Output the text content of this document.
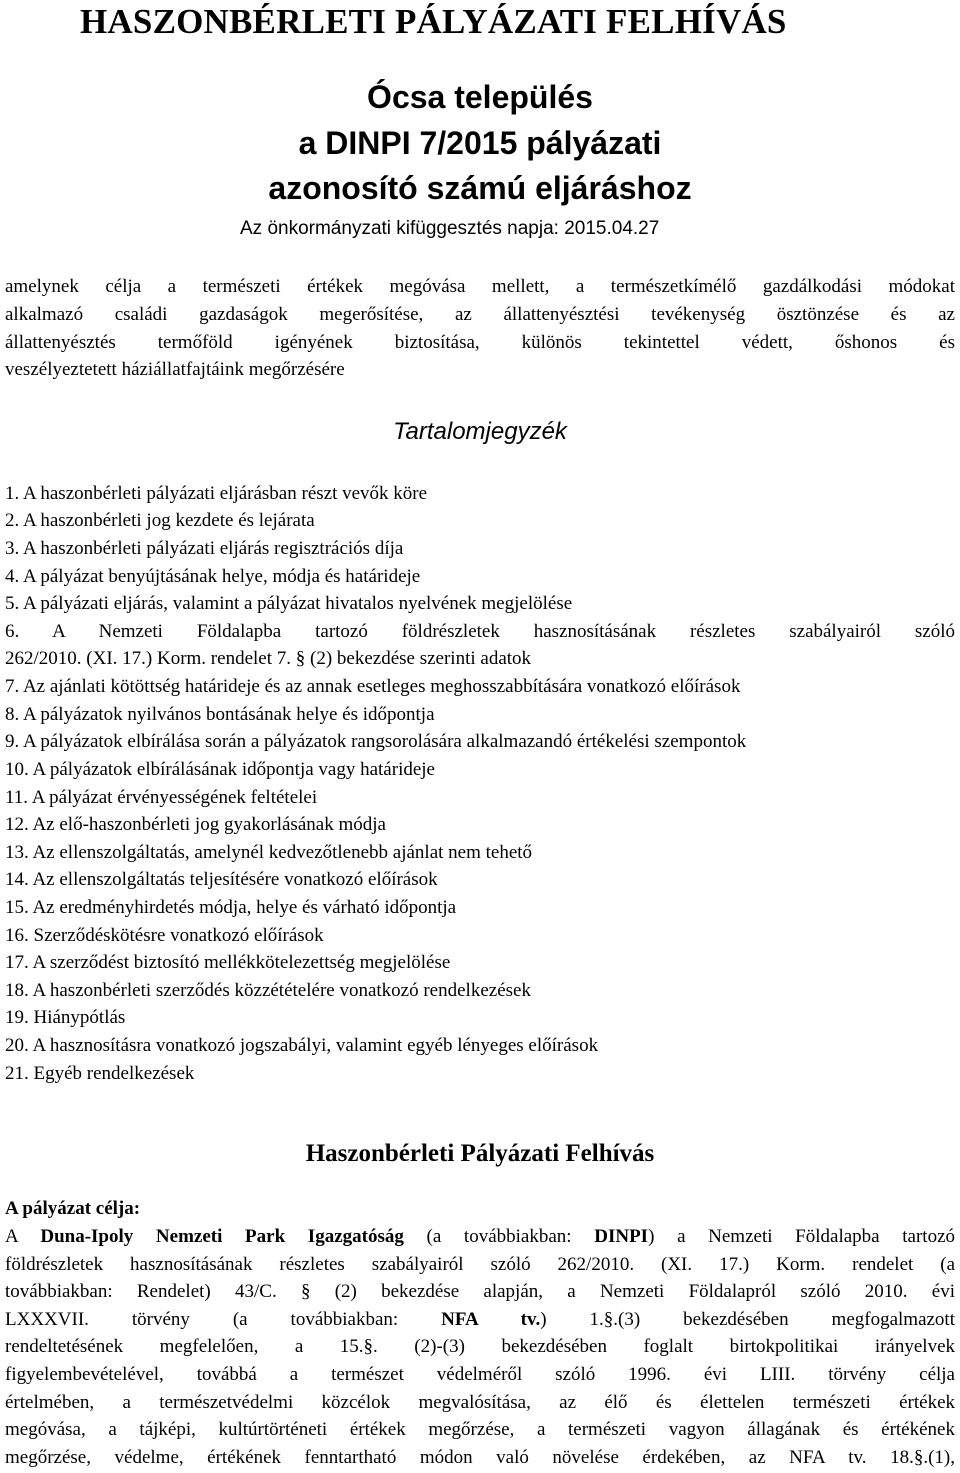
HASZONBÉRLETI PÁLYÁZATI FELHÍVÁS
Ócsa település
a DINPI 7/2015 pályázati
azonosító számú eljáráshoz
Az önkormányzati kifüggesztés napja: 2015.04.27
amelynek célja a természeti értékek megóvása mellett, a természetkímélő gazdálkodási módokat
alkalmazó családi gazdaságok megerősítése, az állattenyésztési tevékenység ösztönzése és az
állattenyésztés termőföld igényének biztosítása, különös tekintettel védett, őshonos és
veszélyeztetett háziállatfajtáink megőrzésére
Tartalomjegyzék
1. A haszonbérleti pályázati eljárásban részt vevők köre
2. A haszonbérleti jog kezdete és lejárata
3. A haszonbérleti pályázati eljárás regisztrációs díja
4. A pályázat benyújtásának helye, módja és határideje
5. A pályázati eljárás, valamint a pályázat hivatalos nyelvének megjelölése
6. A Nemzeti Földalapba tartozó földrészletek hasznosításának részletes szabályairól szóló
262/2010. (XI. 17.) Korm. rendelet 7. § (2) bekezdése szerinti adatok
7. Az ajánlati kötöttség határideje és az annak esetleges meghosszabbítására vonatkozó előírások
8. A pályázatok nyilvános bontásának helye és időpontja
9. A pályázatok elbírálása során a pályázatok rangsorolására alkalmazandó értékelési szempontok
10. A pályázatok elbírálásának időpontja vagy határideje
11. A pályázat érvényességének feltételei
12. Az elő-haszonbérleti jog gyakorlásának módja
13. Az ellenszolgáltatás, amelynél kedvezőtlenebb ajánlat nem tehető
14. Az ellenszolgáltatás teljesítésére vonatkozó előírások
15. Az eredményhirdetés módja, helye és várható időpontja
16. Szerződéskötésre vonatkozó előírások
17. A szerződést biztosító mellékkötelezettség megjelölése
18. A haszonbérleti szerződés közzétételére vonatkozó rendelkezések
19. Hiánypótlás
20. A hasznosításra vonatkozó jogszabályi, valamint egyéb lényeges előírások
21. Egyéb rendelkezések
Haszonbérleti Pályázati Felhívás
A pályázat célja:
A Duna-Ipoly Nemzeti Park Igazgatóság (a továbbiakban: DINPI) a Nemzeti Földalapba tartozó
földrészletek hasznosításának részletes szabályairól szóló 262/2010. (XI. 17.) Korm. rendelet (a
továbbiakban: Rendelet) 43/C. § (2) bekezdése alapján, a Nemzeti Földalapról szóló 2010. évi
LXXXVII. törvény (a továbbiakban: NFA tv.) 1.§.(3) bekezdésében megfogalmazott
rendeltetésének megfelelően, a 15.§. (2)-(3) bekezdésében foglalt birtokpolitikai irányelvek
figyelembevételével, továbbá a természet védelméről szóló 1996. évi LIII. törvény célja
értelmében, a természetvédelmi közcélok megvalósítása, az élő és élettelen természeti értékek
megóvása, a tájképi, kultúrtörténeti értékek megőrzése, a természeti vagyon állagának és értékének
megőrzése, védelme, értékének fenntartható módon való növelése érdekében, az NFA tv. 18.§.(1),
